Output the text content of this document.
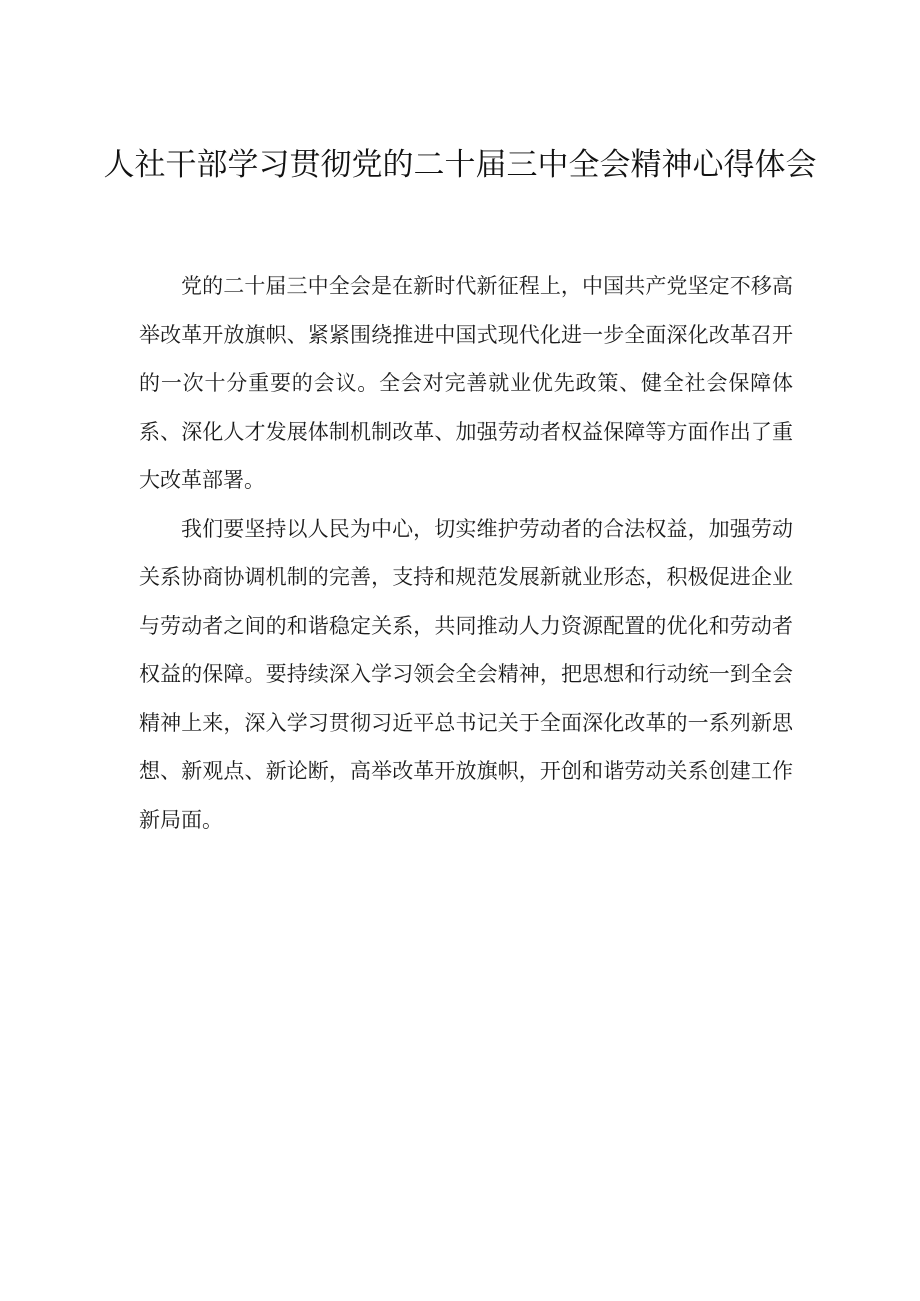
人社干部学习贯彻党的二十届三中全会精神心得体会

党的二十届三中全会是在新时代新征程上，中国共产党坚定不移高举改革开放旗帜、紧紧围绕推进中国式现代化进一步全面深化改革召开的一次十分重要的会议。全会对完善就业优先政策、健全社会保障体系、深化人才发展体制机制改革、加强劳动者权益保障等方面作出了重大改革部署。

我们要坚持以人民为中心，切实维护劳动者的合法权益，加强劳动关系协商协调机制的完善，支持和规范发展新就业形态，积极促进企业与劳动者之间的和谐稳定关系，共同推动人力资源配置的优化和劳动者权益的保障。要持续深入学习领会全会精神，把思想和行动统一到全会精神上来，深入学习贯彻习近平总书记关于全面深化改革的一系列新思想、新观点、新论断，高举改革开放旗帜，开创和谐劳动关系创建工作新局面。
